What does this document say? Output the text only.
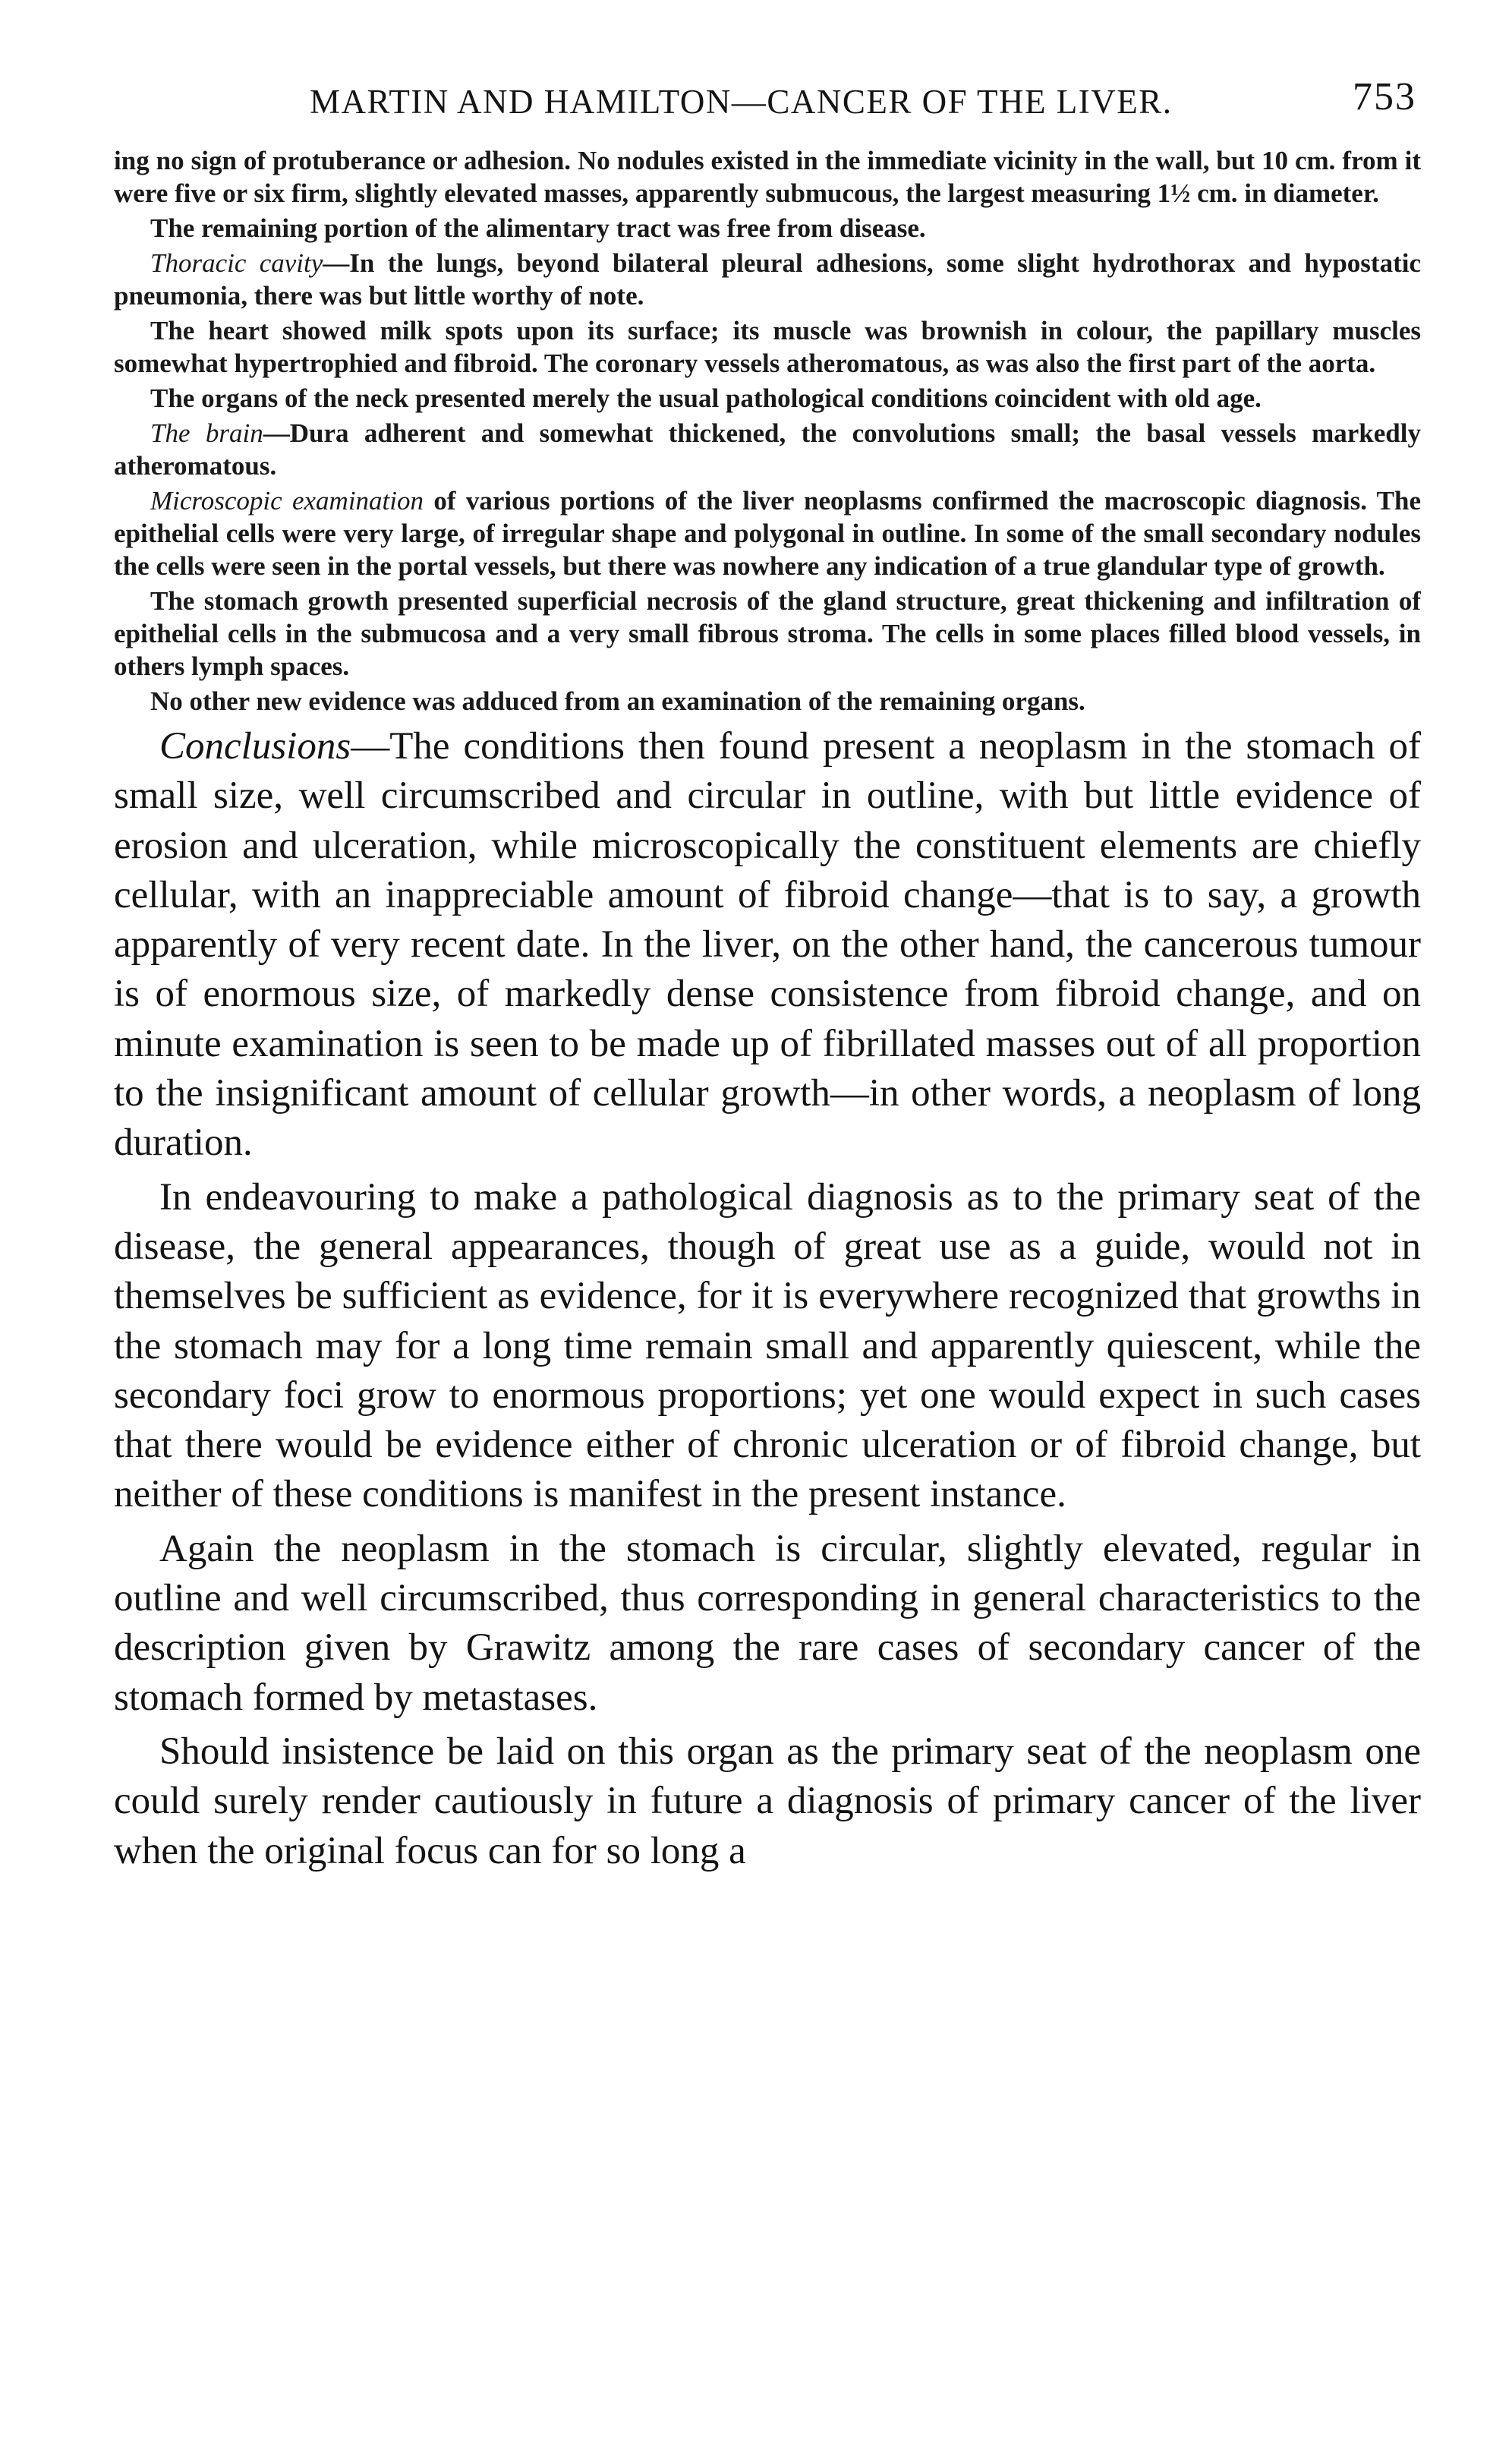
MARTIN AND HAMILTON—CANCER OF THE LIVER.	753

ing no sign of protuberance or adhesion. No nodules existed in the immediate vicinity in the wall, but 10 cm. from it were five or six firm, slightly elevated masses, apparently submucous, the largest measuring 1½ cm. in diameter.

The remaining portion of the alimentary tract was free from disease.

Thoracic cavity—In the lungs, beyond bilateral pleural adhesions, some slight hydrothorax and hypostatic pneumonia, there was but little worthy of note.

The heart showed milk spots upon its surface; its muscle was brownish in colour, the papillary muscles somewhat hypertrophied and fibroid. The coronary vessels atheromatous, as was also the first part of the aorta.

The organs of the neck presented merely the usual pathological conditions coincident with old age.

The brain—Dura adherent and somewhat thickened, the convolutions small; the basal vessels markedly atheromatous.

Microscopic examination of various portions of the liver neoplasms confirmed the macroscopic diagnosis. The epithelial cells were very large, of irregular shape and polygonal in outline. In some of the small secondary nodules the cells were seen in the portal vessels, but there was nowhere any indication of a true glandular type of growth.

The stomach growth presented superficial necrosis of the gland structure, great thickening and infiltration of epithelial cells in the submucosa and a very small fibrous stroma. The cells in some places filled blood vessels, in others lymph spaces.

No other new evidence was adduced from an examination of the remaining organs.

Conclusions—The conditions then found present a neoplasm in the stomach of small size, well circumscribed and circular in outline, with but little evidence of erosion and ulceration, while microscopically the constituent elements are chiefly cellular, with an inappreciable amount of fibroid change—that is to say, a growth apparently of very recent date. In the liver, on the other hand, the cancerous tumour is of enormous size, of markedly dense consistence from fibroid change, and on minute examination is seen to be made up of fibrillated masses out of all proportion to the insignificant amount of cellular growth—in other words, a neoplasm of long duration.

In endeavouring to make a pathological diagnosis as to the primary seat of the disease, the general appearances, though of great use as a guide, would not in themselves be sufficient as evidence, for it is everywhere recognized that growths in the stomach may for a long time remain small and apparently quiescent, while the secondary foci grow to enormous proportions; yet one would expect in such cases that there would be evidence either of chronic ulceration or of fibroid change, but neither of these conditions is manifest in the present instance.

Again the neoplasm in the stomach is circular, slightly elevated, regular in outline and well circumscribed, thus corresponding in general characteristics to the description given by Grawitz among the rare cases of secondary cancer of the stomach formed by metastases.

Should insistence be laid on this organ as the primary seat of the neoplasm one could surely render cautiously in future a diagnosis of primary cancer of the liver when the original focus can for so long a
